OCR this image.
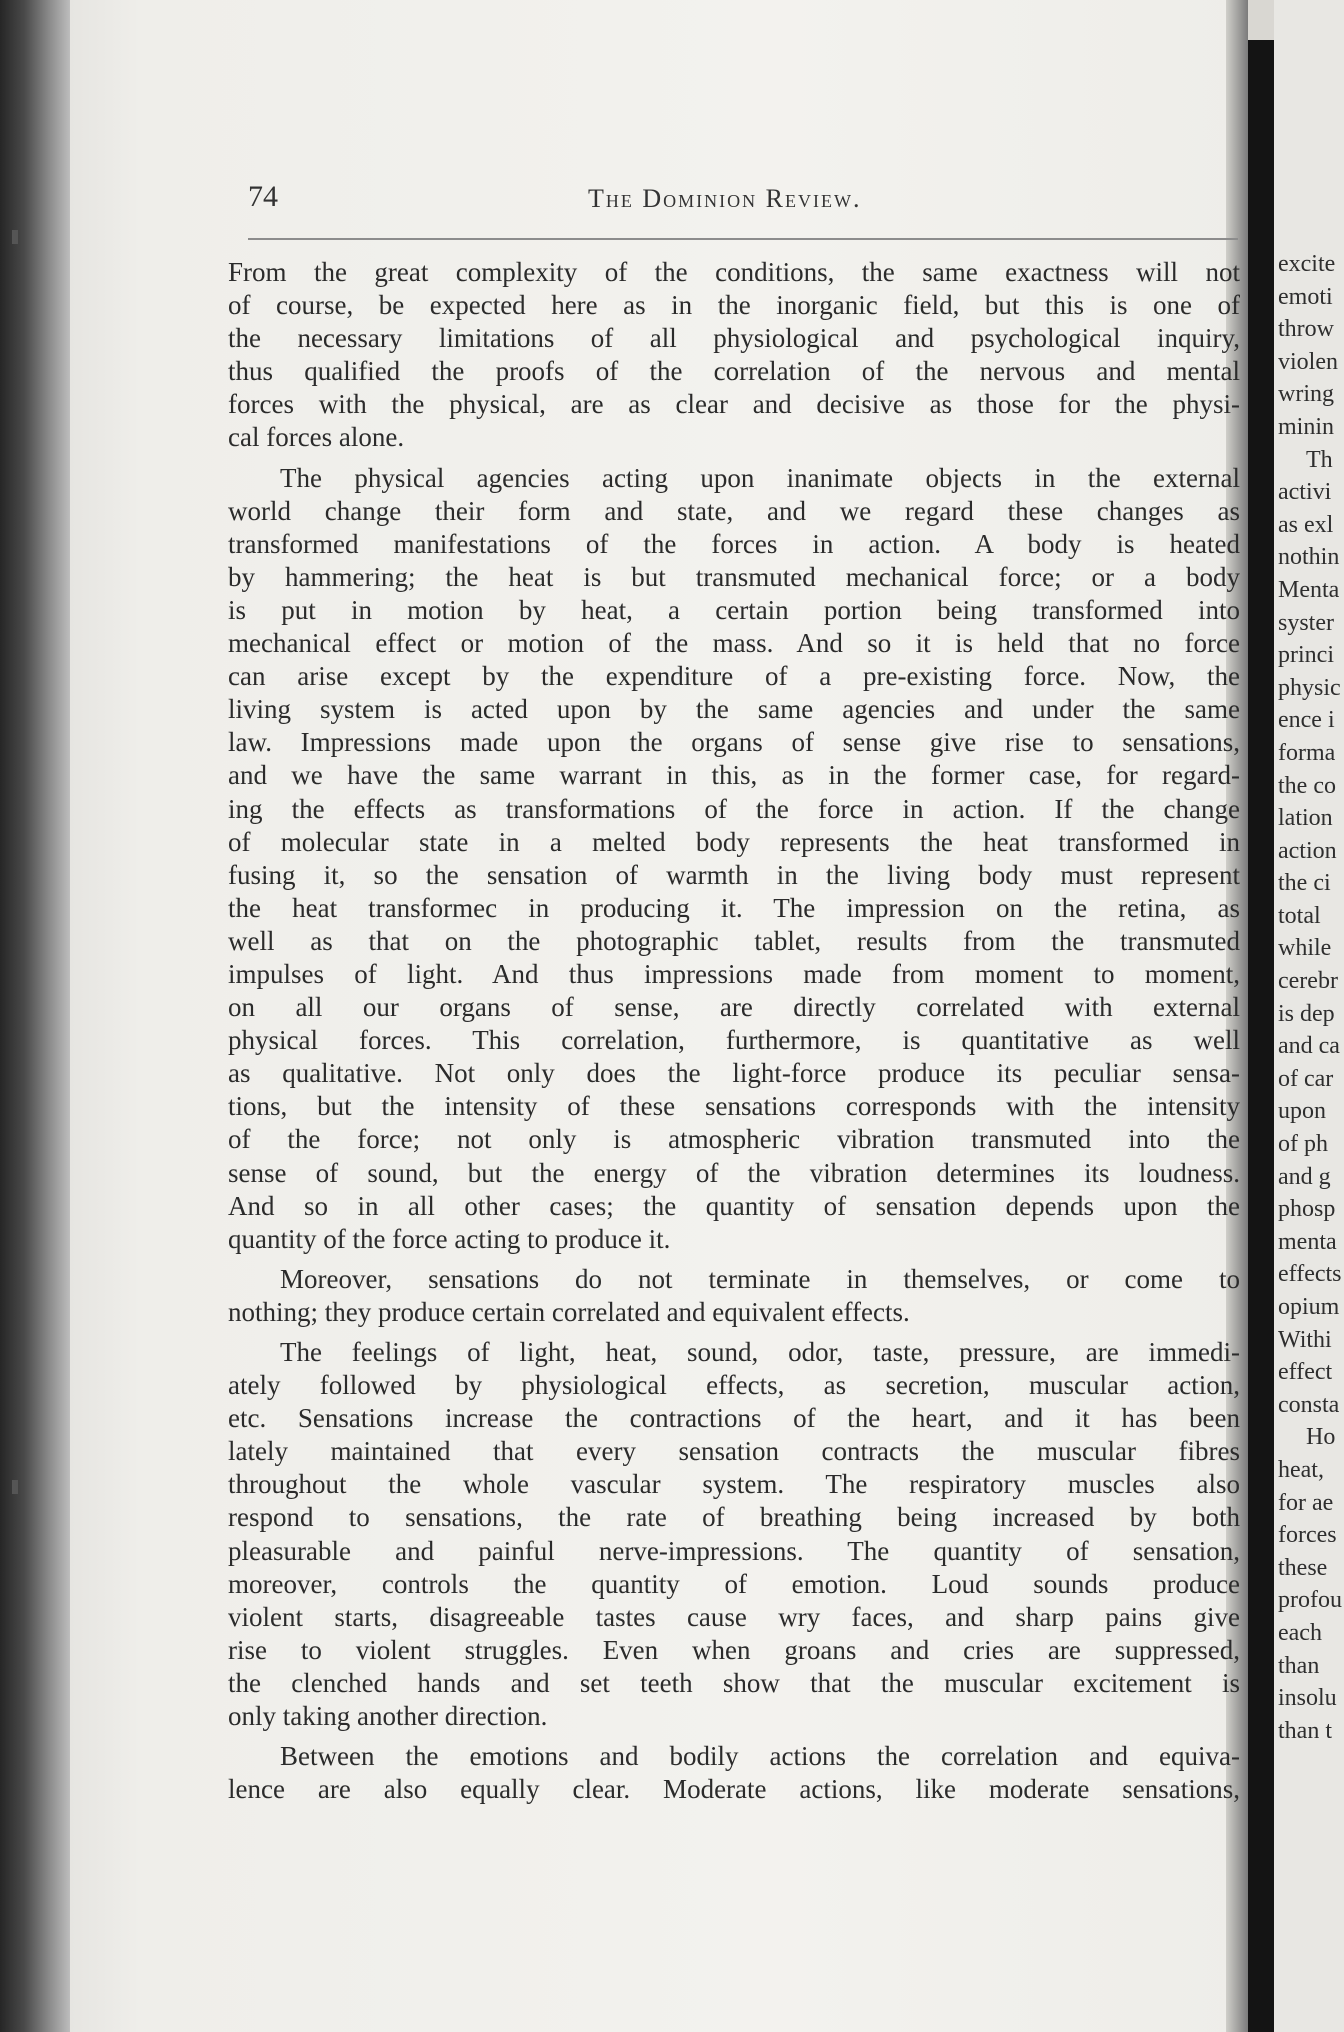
excite
emoti
throw
violen
wring
minin
Th
activi
as exl
nothin
Menta
syster
princi
physic
ence i
forma
the co
lation
action
the ci
total
while
cerebr
is dep
and ca
of car
upon
of ph
and g
phosp
menta
effects
opium
Withi
effect
consta
Ho
heat,
for ae
forces
these
profou
each
than
insolu
than t
74	The Dominion Review.
From the great complexity of the conditions, the same exactness will not
of course, be expected here as in the inorganic field, but this is one of
the necessary limitations of all physiological and psychological inquiry,
thus qualified the proofs of the correlation of the nervous and mental
forces with the physical, are as clear and decisive as those for the physi-
cal forces alone.
The physical agencies acting upon inanimate objects in the external
world change their form and state, and we regard these changes as
transformed manifestations of the forces in action. A body is heated
by hammering; the heat is but transmuted mechanical force; or a body
is put in motion by heat, a certain portion being transformed into
mechanical effect or motion of the mass. And so it is held that no force
can arise except by the expenditure of a pre-existing force. Now, the
living system is acted upon by the same agencies and under the same
law. Impressions made upon the organs of sense give rise to sensations,
and we have the same warrant in this, as in the former case, for regard-
ing the effects as transformations of the force in action. If the change
of molecular state in a melted body represents the heat transformed in
fusing it, so the sensation of warmth in the living body must represent
the heat transformec in producing it. The impression on the retina, as
well as that on the photographic tablet, results from the transmuted
impulses of light. And thus impressions made from moment to moment,
on all our organs of sense, are directly correlated with external
physical forces. This correlation, furthermore, is quantitative as well
as qualitative. Not only does the light-force produce its peculiar sensa-
tions, but the intensity of these sensations corresponds with the intensity
of the force; not only is atmospheric vibration transmuted into the
sense of sound, but the energy of the vibration determines its loudness.
And so in all other cases; the quantity of sensation depends upon the
quantity of the force acting to produce it.
Moreover, sensations do not terminate in themselves, or come to
nothing; they produce certain correlated and equivalent effects.
The feelings of light, heat, sound, odor, taste, pressure, are immedi-
ately followed by physiological effects, as secretion, muscular action,
etc. Sensations increase the contractions of the heart, and it has been
lately maintained that every sensation contracts the muscular fibres
throughout the whole vascular system. The respiratory muscles also
respond to sensations, the rate of breathing being increased by both
pleasurable and painful nerve-impressions. The quantity of sensation,
moreover, controls the quantity of emotion. Loud sounds produce
violent starts, disagreeable tastes cause wry faces, and sharp pains give
rise to violent struggles. Even when groans and cries are suppressed,
the clenched hands and set teeth show that the muscular excitement is
only taking another direction.
Between the emotions and bodily actions the correlation and equiva-
lence are also equally clear. Moderate actions, like moderate sensations,
